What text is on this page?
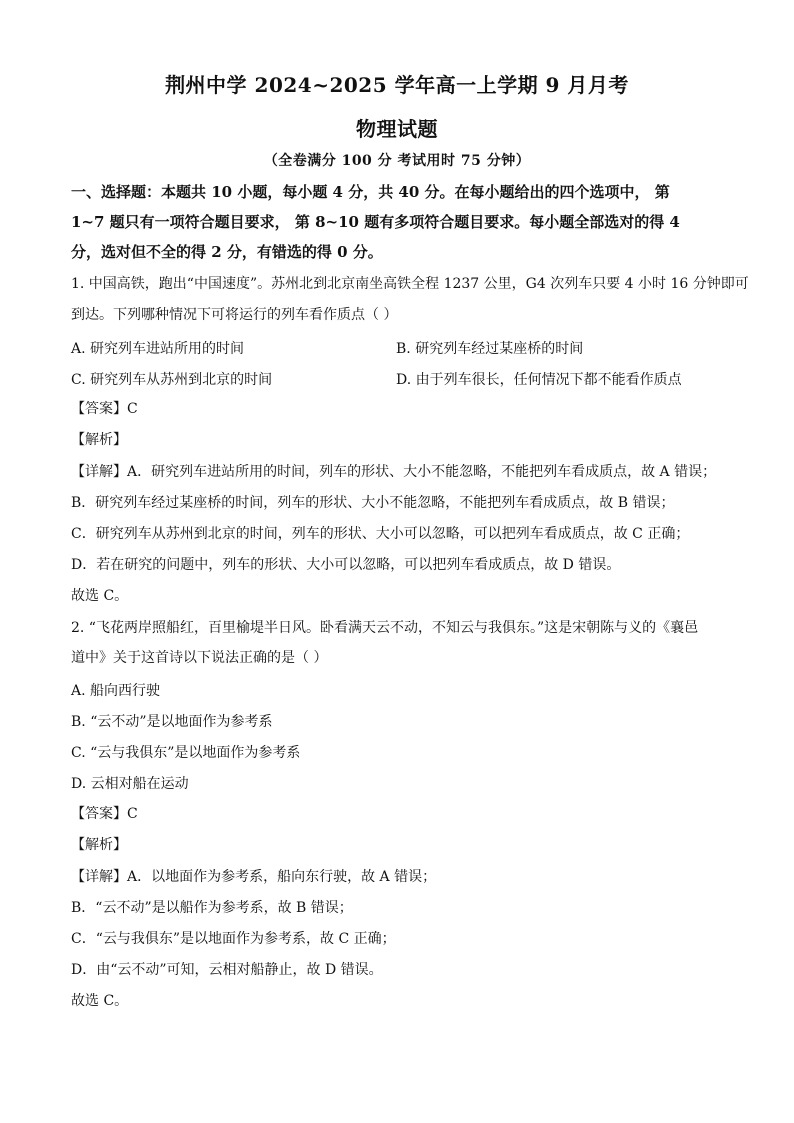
荆州中学 2024~2025 学年高一上学期 9 月月考
物理试题
（全卷满分 100 分 考试用时 75 分钟）
一、选择题：本题共 10 小题，每小题 4 分，共 40 分。在每小题给出的四个选项中， 第
1~7 题只有一项符合题目要求， 第 8~10 题有多项符合题目要求。每小题全部选对的得 4
分，选对但不全的得 2 分，有错选的得 0 分。
1. 中国高铁，跑出“中国速度”。苏州北到北京南坐高铁全程 1237 公里，G4 次列车只要 4 小时 16 分钟即可
到达。下列哪种情况下可将运行的列车看作质点（ ）
A. 研究列车进站所用的时间	B. 研究列车经过某座桥的时间
C. 研究列车从苏州到北京的时间	D. 由于列车很长，任何情况下都不能看作质点
【答案】C
【解析】
【详解】A．研究列车进站所用的时间，列车的形状、大小不能忽略，不能把列车看成质点，故 A 错误；
B．研究列车经过某座桥的时间，列车的形状、大小不能忽略，不能把列车看成质点，故 B 错误；
C．研究列车从苏州到北京的时间，列车的形状、大小可以忽略，可以把列车看成质点，故 C 正确；
D．若在研究的问题中，列车的形状、大小可以忽略，可以把列车看成质点，故 D 错误。
故选 C。
2. “飞花两岸照船红，百里榆堤半日风。卧看满天云不动，不知云与我俱东。”这是宋朝陈与义的《襄邑
道中》关于这首诗以下说法正确的是（ ）
A. 船向西行驶
B. “云不动”是以地面作为参考系
C. “云与我俱东”是以地面作为参考系
D. 云相对船在运动
【答案】C
【解析】
【详解】A．以地面作为参考系，船向东行驶，故 A 错误；
B．“云不动”是以船作为参考系，故 B 错误；
C．“云与我俱东”是以地面作为参考系，故 C 正确；
D．由“云不动”可知，云相对船静止，故 D 错误。
故选 C。
